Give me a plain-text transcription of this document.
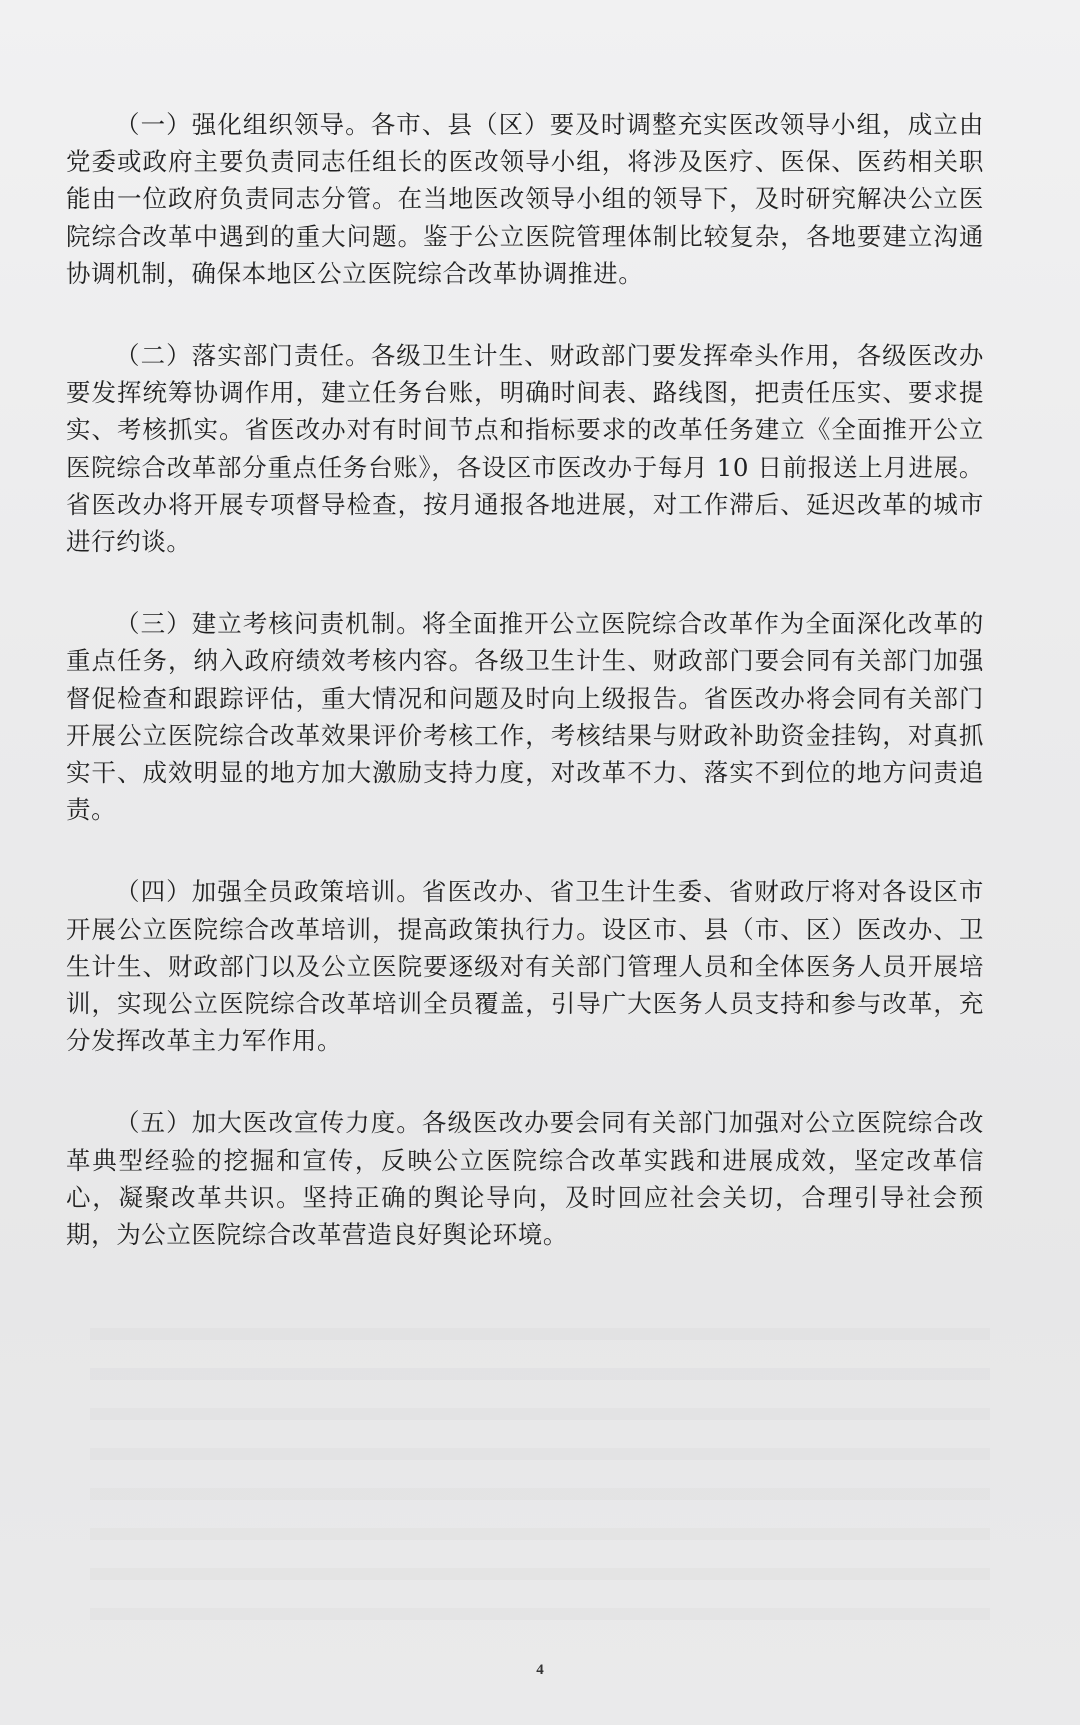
（一）强化组织领导。各市、县（区）要及时调整充实医改领导小组，成立由党委或政府主要负责同志任组长的医改领导小组，将涉及医疗、医保、医药相关职能由一位政府负责同志分管。在当地医改领导小组的领导下，及时研究解决公立医院综合改革中遇到的重大问题。鉴于公立医院管理体制比较复杂，各地要建立沟通协调机制，确保本地区公立医院综合改革协调推进。

（二）落实部门责任。各级卫生计生、财政部门要发挥牵头作用，各级医改办要发挥统筹协调作用，建立任务台账，明确时间表、路线图，把责任压实、要求提实、考核抓实。省医改办对有时间节点和指标要求的改革任务建立《全面推开公立医院综合改革部分重点任务台账》，各设区市医改办于每月 10 日前报送上月进展。省医改办将开展专项督导检查，按月通报各地进展，对工作滞后、延迟改革的城市进行约谈。

（三）建立考核问责机制。将全面推开公立医院综合改革作为全面深化改革的重点任务，纳入政府绩效考核内容。各级卫生计生、财政部门要会同有关部门加强督促检查和跟踪评估，重大情况和问题及时向上级报告。省医改办将会同有关部门开展公立医院综合改革效果评价考核工作，考核结果与财政补助资金挂钩，对真抓实干、成效明显的地方加大激励支持力度，对改革不力、落实不到位的地方问责追责。

（四）加强全员政策培训。省医改办、省卫生计生委、省财政厅将对各设区市开展公立医院综合改革培训，提高政策执行力。设区市、县（市、区）医改办、卫生计生、财政部门以及公立医院要逐级对有关部门管理人员和全体医务人员开展培训，实现公立医院综合改革培训全员覆盖，引导广大医务人员支持和参与改革，充分发挥改革主力军作用。

（五）加大医改宣传力度。各级医改办要会同有关部门加强对公立医院综合改革典型经验的挖掘和宣传，反映公立医院综合改革实践和进展成效，坚定改革信心，凝聚改革共识。坚持正确的舆论导向，及时回应社会关切，合理引导社会预期，为公立医院综合改革营造良好舆论环境。

4
